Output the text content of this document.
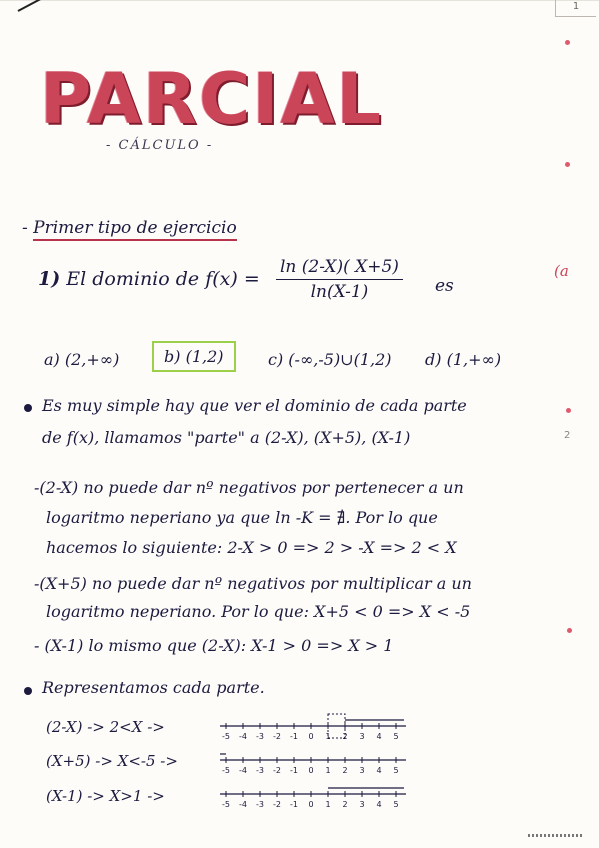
1
(a
2
PARCIAL
- CÁLCULO -
- Primer tipo de ejercicio
1) El dominio de f(x) =
ln (2-X)( X+5)
ln(X-1)	es
a) (2,+∞)	b) (1,2)	c) (-∞,-5)∪(1,2) d) (1,+∞)
Es muy simple hay que ver el dominio de cada parte
de f(x), llamamos "parte" a (2-X), (X+5), (X-1)
-(2-X) no puede dar nº negativos por pertenecer a un
logaritmo neperiano ya que ln -K = ∄. Por lo que
hacemos lo siguiente: 2-X > 0 => 2 > -X => 2 < X
-(X+5) no puede dar nº negativos por multiplicar a un
logaritmo neperiano. Por lo que: X+5 < 0 => X < -5
- (X-1) lo mismo que (2-X): X-1 > 0 => X > 1
Representamos cada parte.
(2-X) -> 2<X ->
(X+5) -> X<-5 ->
(X-1) -> X>1 ->
-5 -4 -3 -2 -1 0 1 2 3 4 5
-5 -4 -3 -2 -1 0 1 2 3 4 5
-5 -4 -3 -2 -1 0 1 2 3 4 5
